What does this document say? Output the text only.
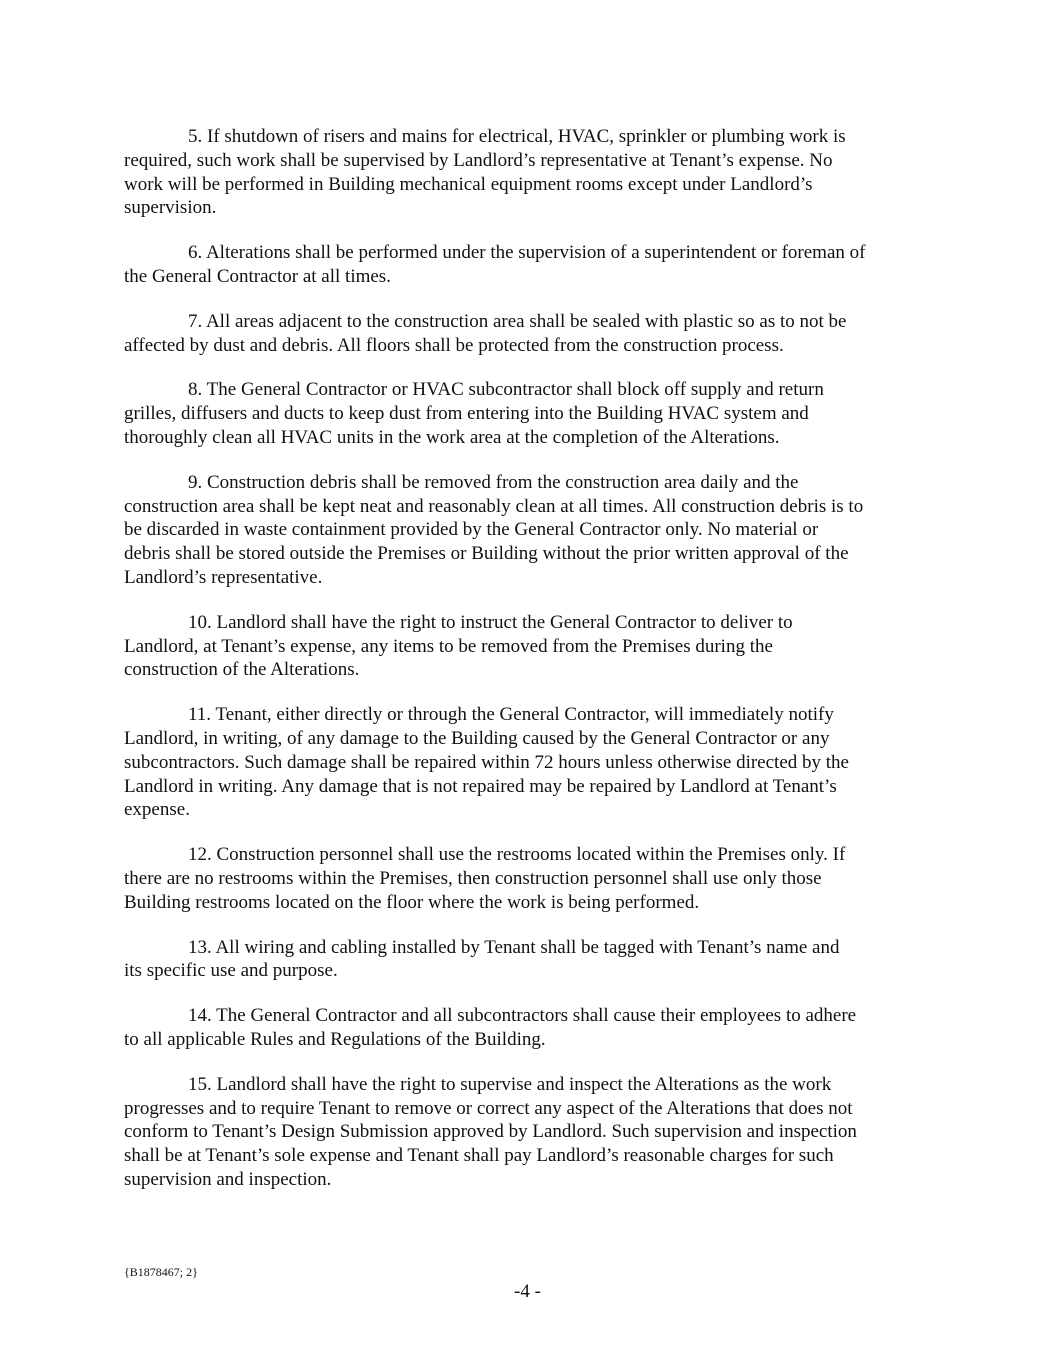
5. If shutdown of risers and mains for electrical, HVAC, sprinkler or plumbing work is
required, such work shall be supervised by Landlord’s representative at Tenant’s expense. No
work will be performed in Building mechanical equipment rooms except under Landlord’s
supervision.
6. Alterations shall be performed under the supervision of a superintendent or foreman of
the General Contractor at all times.
7. All areas adjacent to the construction area shall be sealed with plastic so as to not be
affected by dust and debris. All floors shall be protected from the construction process.
8. The General Contractor or HVAC subcontractor shall block off supply and return
grilles, diffusers and ducts to keep dust from entering into the Building HVAC system and
thoroughly clean all HVAC units in the work area at the completion of the Alterations.
9. Construction debris shall be removed from the construction area daily and the
construction area shall be kept neat and reasonably clean at all times. All construction debris is to
be discarded in waste containment provided by the General Contractor only. No material or
debris shall be stored outside the Premises or Building without the prior written approval of the
Landlord’s representative.
10. Landlord shall have the right to instruct the General Contractor to deliver to
Landlord, at Tenant’s expense, any items to be removed from the Premises during the
construction of the Alterations.
11. Tenant, either directly or through the General Contractor, will immediately notify
Landlord, in writing, of any damage to the Building caused by the General Contractor or any
subcontractors. Such damage shall be repaired within 72 hours unless otherwise directed by the
Landlord in writing. Any damage that is not repaired may be repaired by Landlord at Tenant’s
expense.
12. Construction personnel shall use the restrooms located within the Premises only. If
there are no restrooms within the Premises, then construction personnel shall use only those
Building restrooms located on the floor where the work is being performed.
13. All wiring and cabling installed by Tenant shall be tagged with Tenant’s name and
its specific use and purpose.
14. The General Contractor and all subcontractors shall cause their employees to adhere
to all applicable Rules and Regulations of the Building.
15. Landlord shall have the right to supervise and inspect the Alterations as the work
progresses and to require Tenant to remove or correct any aspect of the Alterations that does not
conform to Tenant’s Design Submission approved by Landlord. Such supervision and inspection
shall be at Tenant’s sole expense and Tenant shall pay Landlord’s reasonable charges for such
supervision and inspection.
{B1878467; 2}
-4 -
